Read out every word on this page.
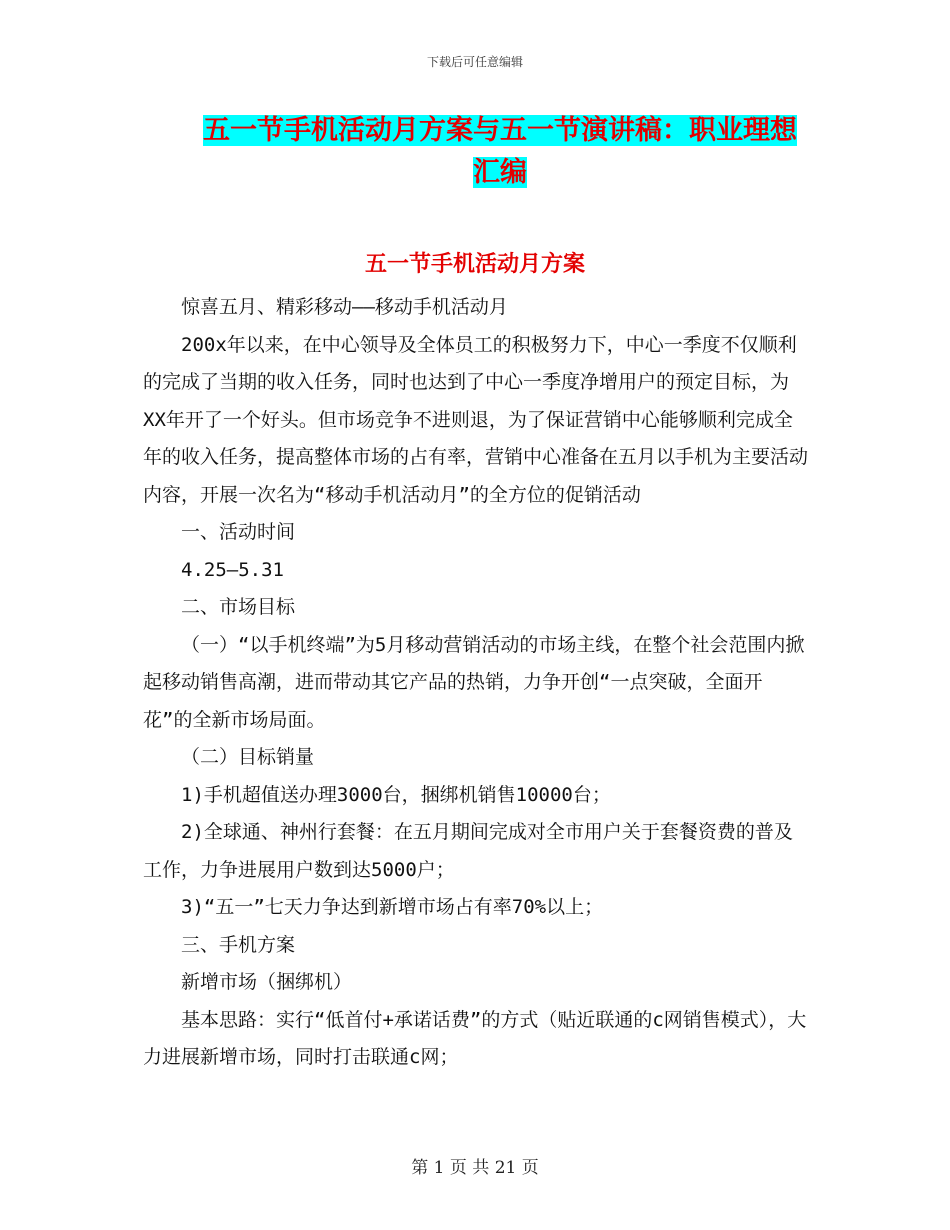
下载后可任意编辑
五一节手机活动月方案与五一节演讲稿：职业理想汇编
五一节手机活动月方案

惊喜五月、精彩移动——移动手机活动月

200x年以来，在中心领导及全体员工的积极努力下，中心一季度不仅顺利的完成了当期的收入任务，同时也达到了中心一季度净增用户的预定目标，为XX年开了一个好头。但市场竞争不进则退，为了保证营销中心能够顺利完成全年的收入任务，提高整体市场的占有率，营销中心准备在五月以手机为主要活动内容，开展一次名为“移动手机活动月”的全方位的促销活动

一、活动时间

4.25—5.31

二、市场目标

（一）“以手机终端”为5月移动营销活动的市场主线，在整个社会范围内掀起移动销售高潮，进而带动其它产品的热销，力争开创“一点突破，全面开花”的全新市场局面。

（二）目标销量

1)手机超值送办理3000台，捆绑机销售10000台；

2)全球通、神州行套餐：在五月期间完成对全市用户关于套餐资费的普及工作，力争进展用户数到达5000户；

3)“五一”七天力争达到新增市场占有率70%以上；

三、手机方案

新增市场（捆绑机）

基本思路：实行“低首付+承诺话费”的方式（贴近联通的c网销售模式），大力进展新增市场，同时打击联通c网；

第 1 页 共 21 页
